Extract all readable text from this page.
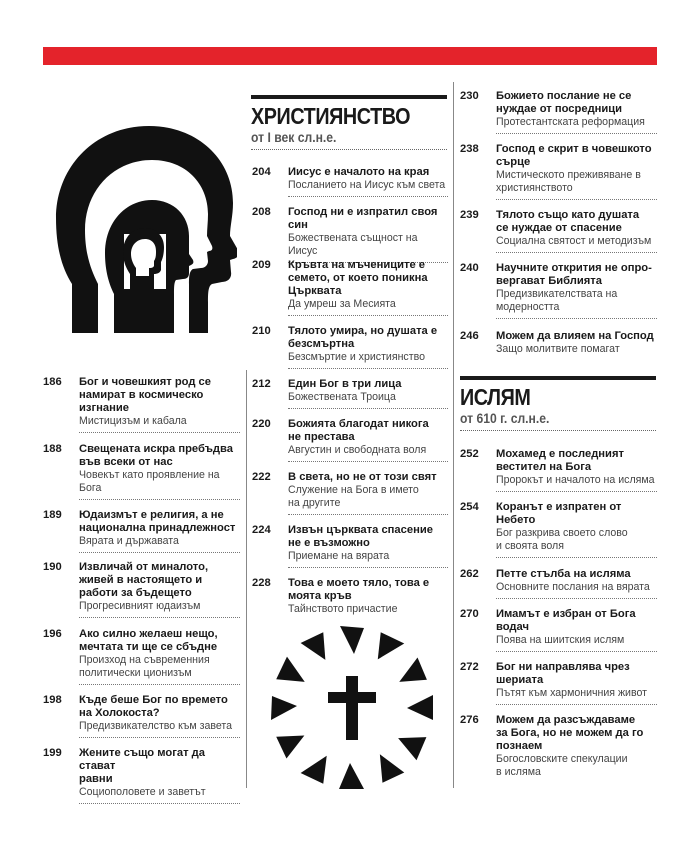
ХРИСТИЯНСТВО
от I век сл.н.е.
ИСЛЯМ
от 610 г. сл.н.е.
186 Бог и човешкият род се
намират в космическо
изгнание
Мистицизъм и кабала
188 Свещената искра пребъдва
във всеки от нас
Човекът като проявление на
Бога
189 Юдаизмът е религия, а не
национална принадлежност
Вярата и държавата
190 Извличай от миналото,
живей в настоящето и
работи за бъдещето
Прогресивният юдаизъм
196 Ако силно желаеш нещо,
мечтата ти ще се сбъдне
Произход на съвременния
политически ционизъм
198 Къде беше Бог по времето
на Холокоста?
Предизвикателство към завета
199 Жените също могат да стават
равни
Социополовете и заветът
204 Иисус е началото на края
Посланието на Иисус към света
208 Господ ни е изпратил своя
син
Божествената същност на Иисус
209 Кръвта на мъчениците е
семето, от което поникна
Църквата
Да умреш за Месията
210 Тялото умира, но душата е
безсмъртна
Безсмъртие и християнство
212 Един Бог в три лица
Божествената Троица
220 Божията благодат никога
не престава
Августин и свободната воля
222 В света, но не от този свят
Служение на Бога в името
на другите
224 Извън църквата спасение
не е възможно
Приемане на вярата
228 Това е моето тяло, това е
моята кръв
Тайнството причастие
230 Божието послание не се
нуждае от посредници
Протестантската реформация
238 Господ е скрит в човешкото
сърце
Мистическото преживяване в
християнството
239 Тялото също като душата
се нуждае от спасение
Социална святост и методизъм
240 Научните открития не опро-
вергават Библията
Предизвикателствата на
модерността
246 Можем да влияем на Господ
Защо молитвите помагат
252 Мохамед е последният
вестител на Бога
Пророкът и началото на исляма
254 Коранът е изпратен от
Небето
Бог разкрива своето слово
и своята воля
262 Петте стълба на исляма
Основните послания на вярата
270 Имамът е избран от Бога
водач
Поява на шиитския ислям
272 Бог ни направлява чрез
шериата
Пътят към хармоничния живот
276 Можем да разсъждаваме
за Бога, но не можем да го
познаем
Богословските спекулации
в исляма
